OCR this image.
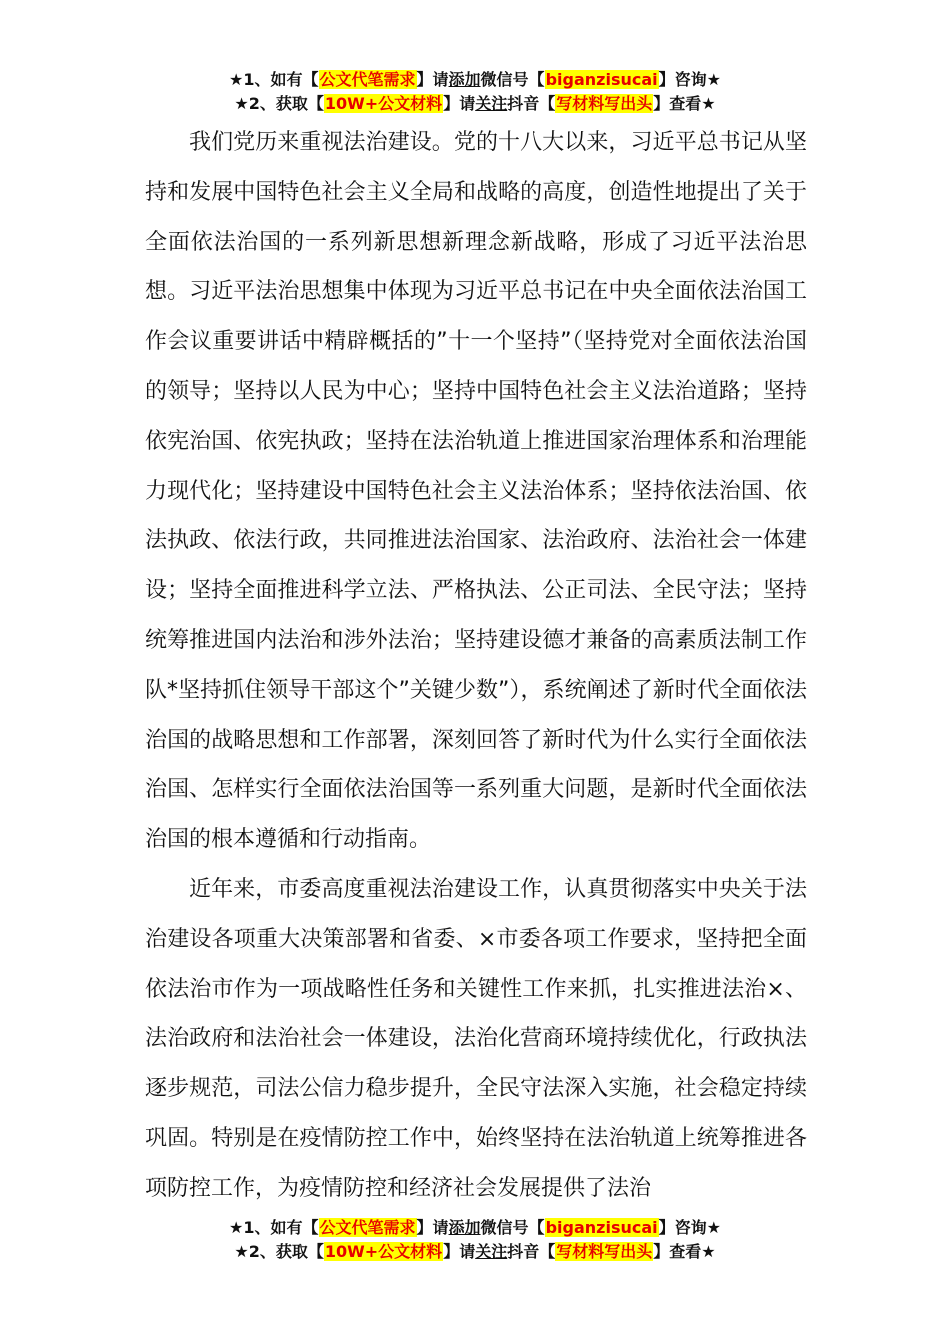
★1、如有【公文代笔需求】请添加微信号【biganzisucai】咨询★
★2、获取【10W+公文材料】请关注抖音【写材料写出头】查看★

我们党历来重视法治建设。党的十八大以来，习近平总书记从坚持和发展中国特色社会主义全局和战略的高度，创造性地提出了关于全面依法治国的一系列新思想新理念新战略，形成了习近平法治思想。习近平法治思想集中体现为习近平总书记在中央全面依法治国工作会议重要讲话中精辟概括的”十一个坚持”（坚持党对全面依法治国的领导；坚持以人民为中心；坚持中国特色社会主义法治道路；坚持依宪治国、依宪执政；坚持在法治轨道上推进国家治理体系和治理能力现代化；坚持建设中国特色社会主义法治体系；坚持依法治国、依法执政、依法行政，共同推进法治国家、法治政府、法治社会一体建设；坚持全面推进科学立法、严格执法、公正司法、全民守法；坚持统筹推进国内法治和涉外法治；坚持建设德才兼备的高素质法制工作队*坚持抓住领导干部这个”关键少数”），系统阐述了新时代全面依法治国的战略思想和工作部署，深刻回答了新时代为什么实行全面依法治国、怎样实行全面依法治国等一系列重大问题，是新时代全面依法治国的根本遵循和行动指南。

近年来，市委高度重视法治建设工作，认真贯彻落实中央关于法治建设各项重大决策部署和省委、×市委各项工作要求，坚持把全面依法治市作为一项战略性任务和关键性工作来抓，扎实推进法治×、法治政府和法治社会一体建设，法治化营商环境持续优化，行政执法逐步规范，司法公信力稳步提升，全民守法深入实施，社会稳定持续巩固。特别是在疫情防控工作中，始终坚持在法治轨道上统筹推进各项防控工作，为疫情防控和经济社会发展提供了法治

★1、如有【公文代笔需求】请添加微信号【biganzisucai】咨询★
★2、获取【10W+公文材料】请关注抖音【写材料写出头】查看★
